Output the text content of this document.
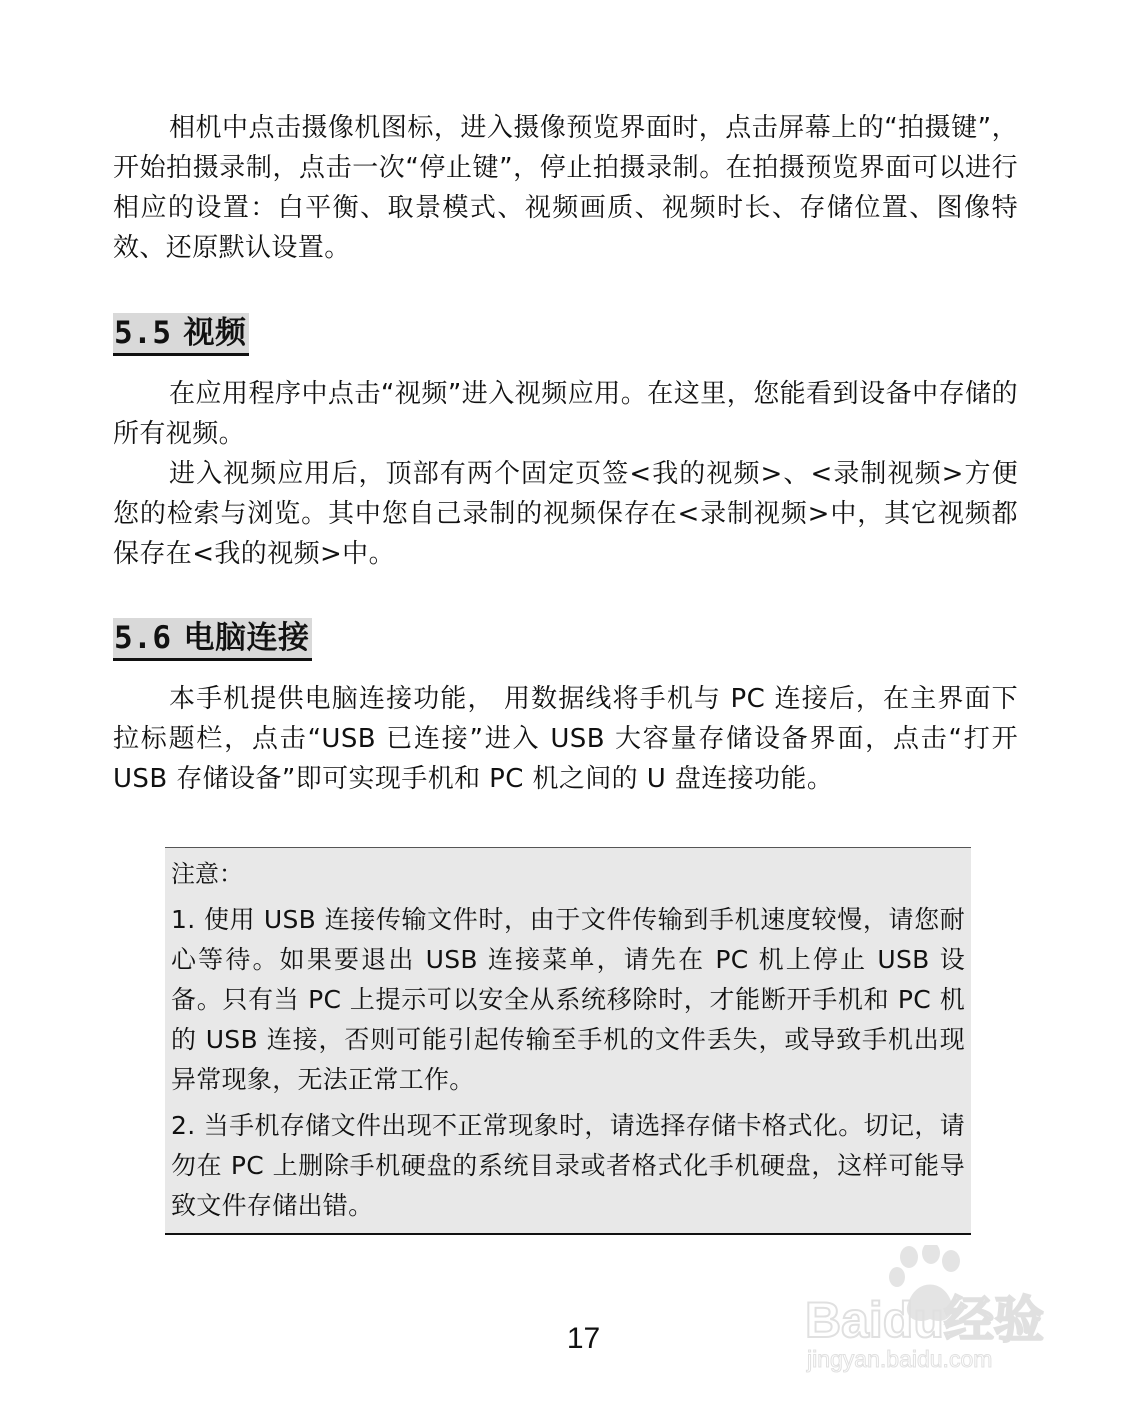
相机中点击摄像机图标，进入摄像预览界面时，点击屏幕上的“拍摄键”，开始拍摄录制，点击一次“停止键”，停止拍摄录制。在拍摄预览界面可以进行相应的设置：白平衡、取景模式、视频画质、视频时长、存储位置、图像特效、还原默认设置。

5.5 视频

在应用程序中点击“视频”进入视频应用。在这里，您能看到设备中存储的所有视频。

进入视频应用后，顶部有两个固定页签<我的视频>、<录制视频>方便您的检索与浏览。其中您自己录制的视频保存在<录制视频>中，其它视频都保存在<我的视频>中。

5.6 电脑连接

本手机提供电脑连接功能， 用数据线将手机与 PC 连接后，在主界面下拉标题栏，点击“USB 已连接”进入 USB 大容量存储设备界面，点击“打开 USB 存储设备”即可实现手机和 PC 机之间的 U 盘连接功能。

注意：

1. 使用 USB 连接传输文件时，由于文件传输到手机速度较慢，请您耐心等待。如果要退出 USB 连接菜单，请先在 PC 机上停止 USB 设备。只有当 PC 上提示可以安全从系统移除时，才能断开手机和 PC 机的 USB 连接，否则可能引起传输至手机的文件丢失，或导致手机出现异常现象，无法正常工作。

2. 当手机存储文件出现不正常现象时，请选择存储卡格式化。切记，请勿在 PC 上删除手机硬盘的系统目录或者格式化手机硬盘，这样可能导致文件存储出错。

17	Baidu经验
jingyan.baidu.com
